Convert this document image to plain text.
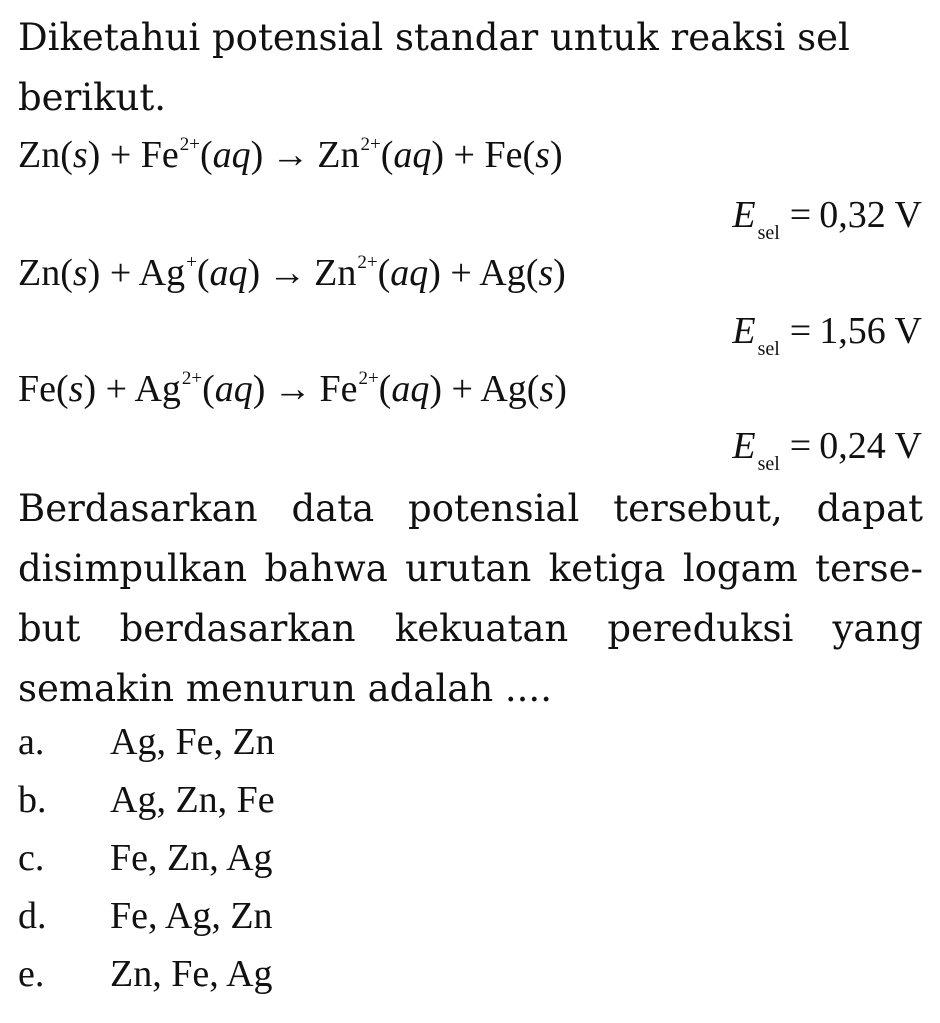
Diketahui potensial standar untuk reaksi sel
berikut.
$Zn(s) + Fe^{2+}(aq) \to Zn^{2+}(aq) + Fe(s)$
E $_{sel}$ = 0,32 V
$Zn(s) + Ag^+(aq) \to Zn^{2+}(aq) + Ag(s)$
E $_{sel}$ = 1,56 V
$Fe(s) + Ag^{2+}(aq) \to Fe^{2+}(aq) + Ag(s)$
E $_{sel}$ = 0,24 V
Berdasarkan data potensial tersebut, dapat
disimpulkan bahwa urutan ketiga logam terse-
but berdasarkan kekuatan pereduksi yang
semakin menurun adalah ....
a. Ag, Fe, Zn
b. Ag, Zn, Fe
c. Fe, Zn, Ag
d. Fe, Ag, Zn
e. Zn, Fe, Ag
